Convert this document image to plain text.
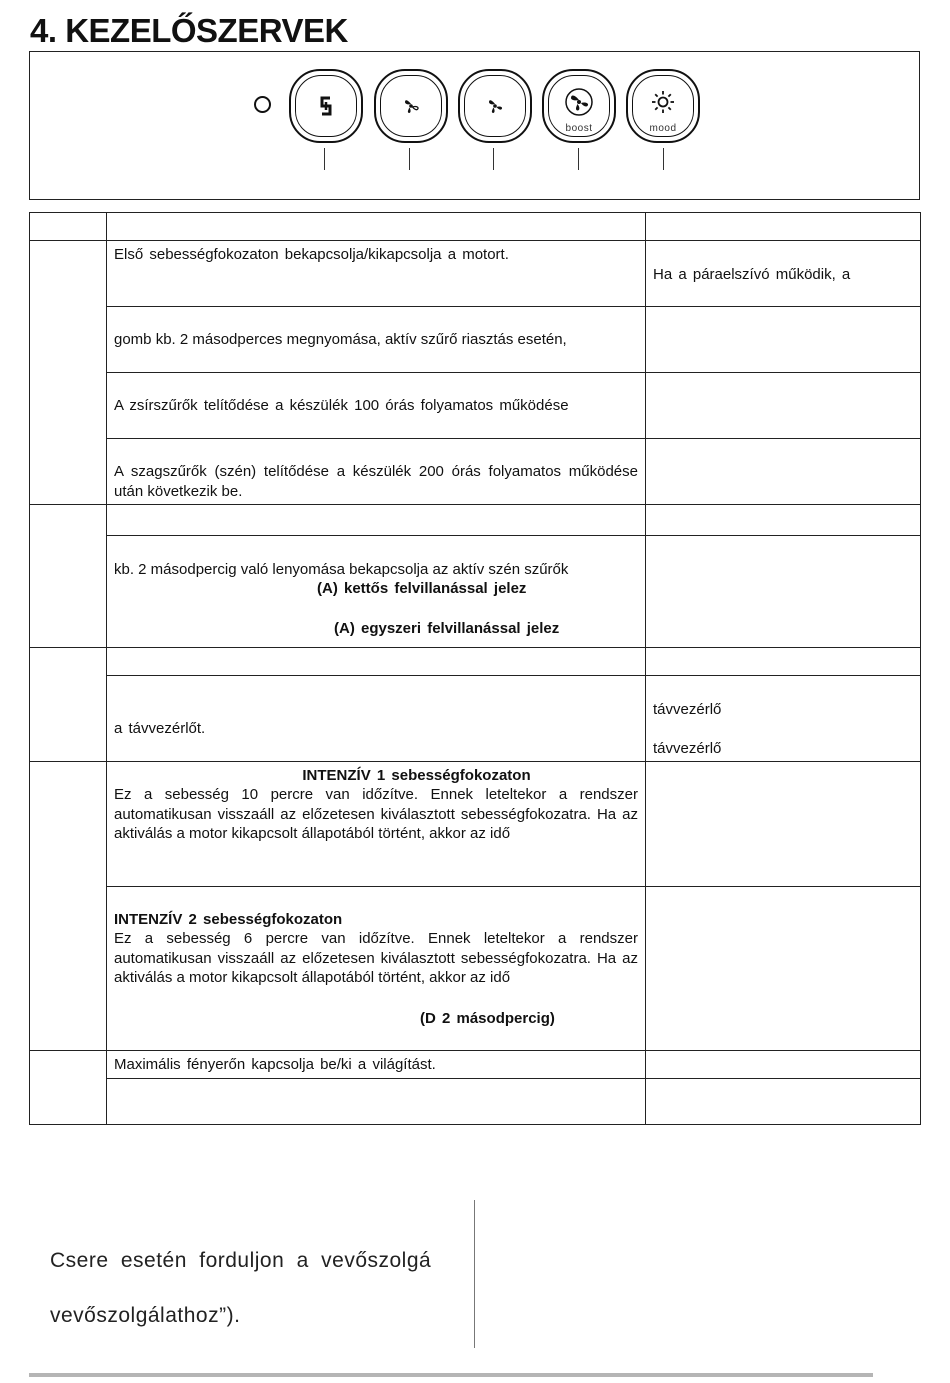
4. KEZELŐSZERVEK
boost	mood
Első sebességfokozaton bekapcsolja/kikapcsolja a motort.
Ha a páraelszívó működik, a
gomb kb. 2 másodperces megnyomása, aktív szűrő riasztás esetén,
A zsírszűrők telítődése a készülék 100 órás folyamatos működése
A szagszűrők (szén) telítődése a készülék 200 órás folyamatos működése után következik be.
kb. 2 másodpercig való lenyomása bekapcsolja az aktív szén szűrők
(A) kettős felvillanással jelez
(A) egyszeri felvillanással jelez
a távvezérlőt.
távvezérlő
távvezérlő
INTENZÍV 1 sebességfokozaton
Ez a sebesség 10 percre van időzítve. Ennek leteltekor a rendszer automatikusan visszaáll az előzetesen kiválasztott sebességfokozatra. Ha az aktiválás a motor kikapcsolt állapotából történt, akkor az idő
INTENZÍV 2 sebességfokozaton
Ez a sebesség 6 percre van időzítve. Ennek leteltekor a rendszer automatikusan visszaáll az előzetesen kiválasztott sebességfokozatra. Ha az aktiválás a motor kikapcsolt állapotából történt, akkor az idő
(D 2 másodpercig)
Maximális fényerőn kapcsolja be/ki a világítást.
Csere esetén forduljon a vevőszolgá
vevőszolgálathoz”).
